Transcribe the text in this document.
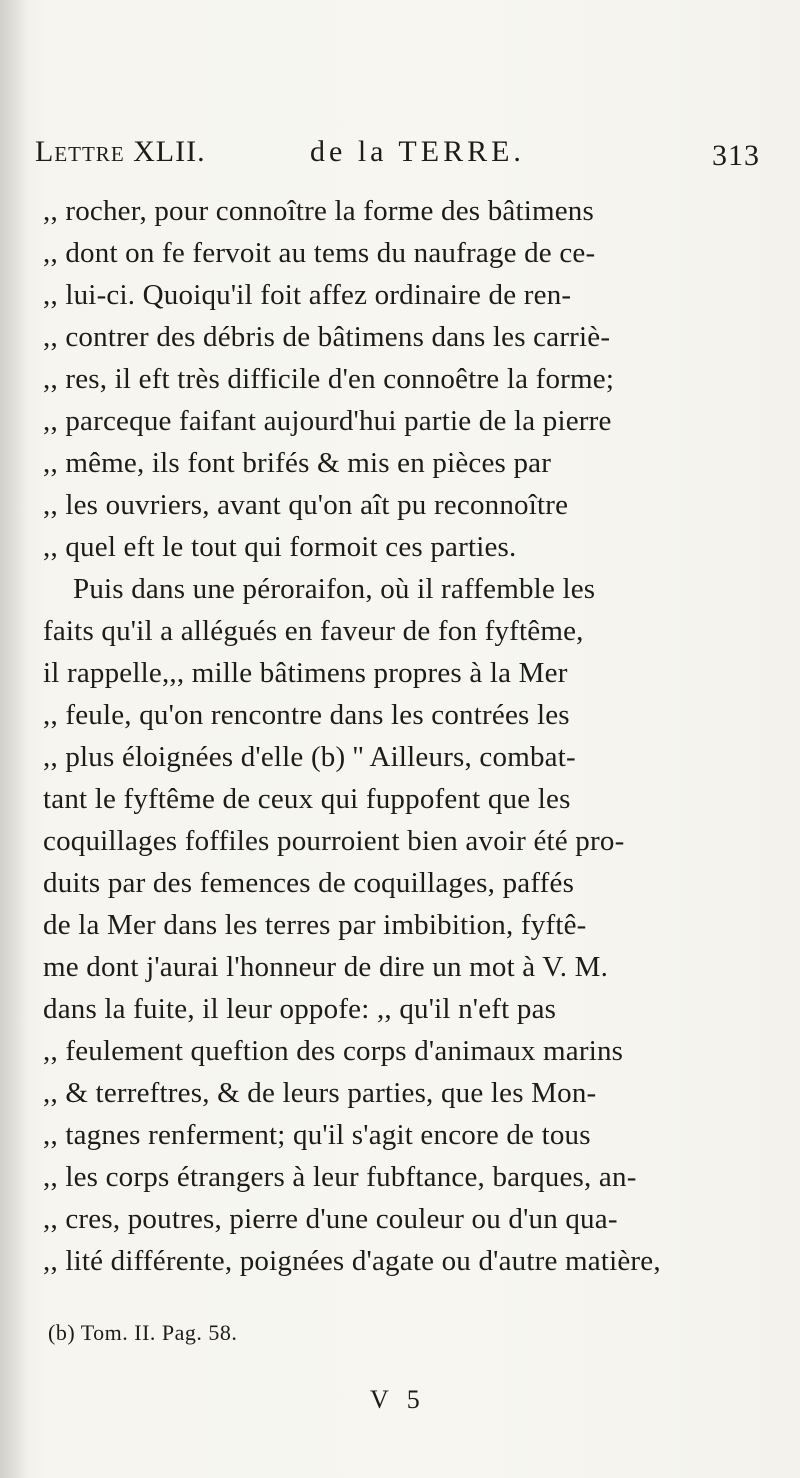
Lettre XLII.	de la TERRE.	313
,, rocher, pour connoître la forme des bâtimens
,, dont on fe fervoit au tems du naufrage de ce-
,, lui-ci. Quoiqu'il foit affez ordinaire de ren-
,, contrer des débris de bâtimens dans les carriè-
,, res, il eft très difficile d'en connoêtre la forme;
,, parceque faifant aujourd'hui partie de la pierre
,, même, ils font brifés & mis en pièces par
,, les ouvriers, avant qu'on aît pu reconnoître
,, quel eft le tout qui formoit ces parties.
Puis dans une péroraifon, où il raffemble les
faits qu'il a allégués en faveur de fon fyftême,
il rappelle,,, mille bâtimens propres à la Mer
,, feule, qu'on rencontre dans les contrées les
,, plus éloignées d'elle (b) '' Ailleurs, combat-
tant le fyftême de ceux qui fuppofent que les
coquillages foffiles pourroient bien avoir été pro-
duits par des femences de coquillages, paffés
de la Mer dans les terres par imbibition, fyftê-
me dont j'aurai l'honneur de dire un mot à V. M.
dans la fuite, il leur oppofe: ,, qu'il n'eft pas
,, feulement queftion des corps d'animaux marins
,, & terreftres, & de leurs parties, que les Mon-
,, tagnes renferment; qu'il s'agit encore de tous
,, les corps étrangers à leur fubftance, barques, an-
,, cres, poutres, pierre d'une couleur ou d'un qua-
,, lité différente, poignées d'agate ou d'autre matière,
(b) Tom. II. Pag. 58.
V 5
